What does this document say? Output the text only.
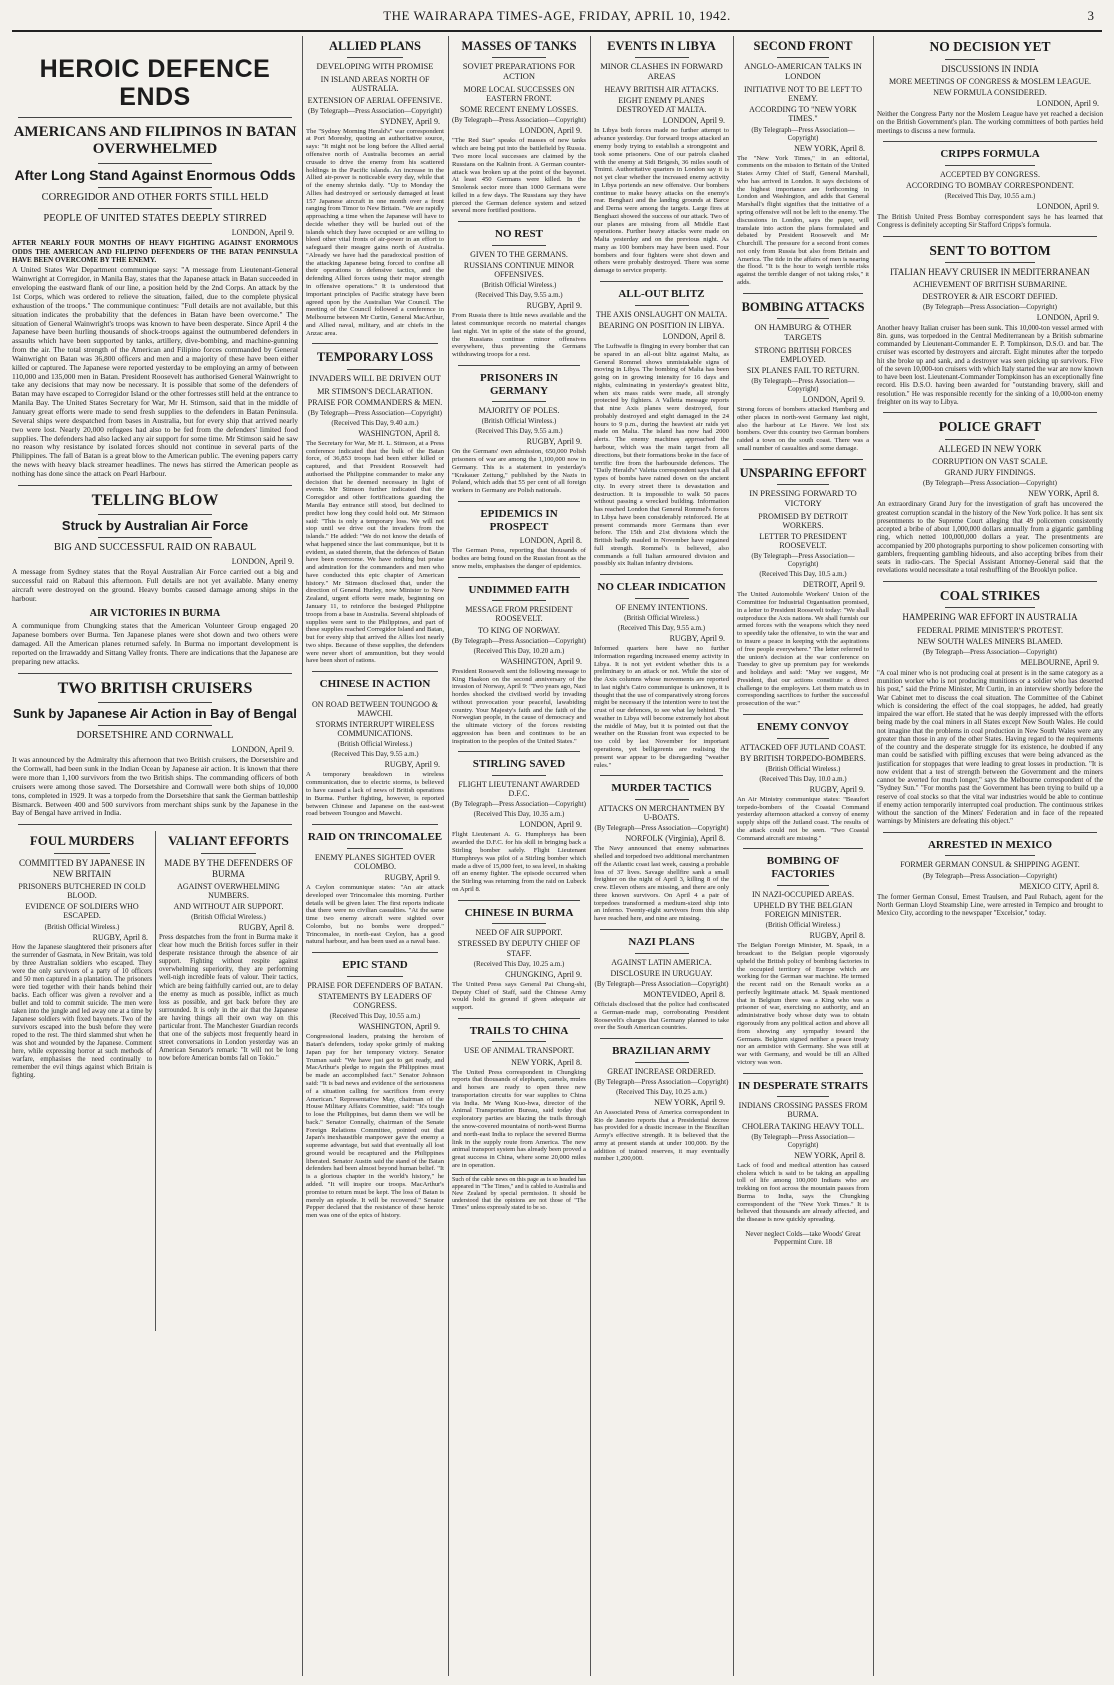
THE WAIRARAPA TIMES-AGE, FRIDAY, APRIL 10, 1942.	3
HEROIC DEFENCE ENDS
AMERICANS AND FILIPINOS IN BATAN OVERWHELMED
After Long Stand Against Enormous Odds
CORREGIDOR AND OTHER FORTS STILL HELD
PEOPLE OF UNITED STATES DEEPLY STIRRED
LONDON, April 9.

AFTER NEARLY FOUR MONTHS OF HEAVY FIGHTING AGAINST ENORMOUS ODDS THE AMERICAN AND FILIPINO DEFENDERS OF THE BATAN PENINSULA HAVE BEEN OVERCOME BY THE ENEMY.

A United States War Department communique says: "A message from Lieutenant-General Wainwright at Corregidor, in Manila Bay, states that the Japanese attack in Batan succeeded in enveloping the eastward flank of our line, a position held by the 2nd Corps. An attack by the 1st Corps, which was ordered to relieve the situation, failed, due to the complete physical exhaustion of the troops." The communique continues: "Full details are not available, but this situation indicates the probability that the defences in Batan have been overcome." The situation of General Wainwright's troops was known to have been desperate. Since April 4 the Japanese have been hurling thousands of shock-troops against the outnumbered defenders in assaults which have been supported by tanks, artillery, dive-bombing, and machine-gunning from the air. The total strength of the American and Filipino forces commanded by General Wainwright on Batan was 36,800 officers and men and a majority of these have been either killed or captured. The Japanese were reported yesterday to be employing an army of between 110,000 and 135,000 men in Batan. President Roosevelt has authorised General Wainwright to take any decisions that may now be necessary. It is possible that some of the defenders of Batan may have escaped to Corregidor Island or the other fortresses still held at the entrance to Manila Bay. The United States Secretary for War, Mr H. Stimson, said that in the middle of January great efforts were made to send fresh supplies to the defenders in Batan Peninsula. Several ships were despatched from bases in Australia, but for every ship that arrived nearly two were lost. Nearly 20,000 refugees had also to be fed from the defenders' limited food supplies. The defenders had also lacked any air support for some time. Mr Stimson said he saw no reason why resistance by isolated forces should not continue in several parts of the Philippines. The fall of Batan is a great blow to the American public. The evening papers carry the news with heavy black streamer headlines. The news has stirred the American people as nothing has done since the attack on Pearl Harbour.

TELLING BLOW
Struck by Australian Air Force
BIG AND SUCCESSFUL RAID ON RABAUL
LONDON, April 9.

A message from Sydney states that the Royal Australian Air Force carried out a big and successful raid on Rabaul this afternoon. Full details are not yet available. Many enemy aircraft were destroyed on the ground. Heavy bombs caused damage among ships in the harbour.

AIR VICTORIES IN BURMA

A communique from Chungking states that the American Volunteer Group engaged 20 Japanese bombers over Burma. Ten Japanese planes were shot down and two others were damaged. All the American planes returned safely. In Burma no important development is reported on the Irrawaddy and Sittang Valley fronts. There are indications that the Japanese are preparing new attacks.

TWO BRITISH CRUISERS
Sunk by Japanese Air Action in Bay of Bengal
DORSETSHIRE AND CORNWALL
LONDON, April 9.

It was announced by the Admiralty this afternoon that two British cruisers, the Dorsetshire and the Cornwall, had been sunk in the Indian Ocean by Japanese air action. It is known that there were more than 1,100 survivors from the two British ships. The commanding officers of both cruisers were among those saved. The Dorsetshire and Cornwall were both ships of 10,000 tons, completed in 1929. It was a torpedo from the Dorsetshire that sank the German battleship Bismarck. Between 400 and 500 survivors from merchant ships sunk by the Japanese in the Bay of Bengal have arrived in India.

FOUL MURDERS
COMMITTED BY JAPANESE IN NEW BRITAIN
PRISONERS BUTCHERED IN COLD BLOOD.
EVIDENCE OF SOLDIERS WHO ESCAPED.
(British Official Wireless.)
RUGBY, April 8.

How the Japanese slaughtered their prisoners after the surrender of Gasmata, in New Britain, was told by three Australian soldiers who escaped. They were the only survivors of a party of 10 officers and 50 men captured in a plantation. The prisoners were tied together with their hands behind their backs. Each officer was given a revolver and a bullet and told to commit suicide. The men were taken into the jungle and led away one at a time by Japanese soldiers with fixed bayonets. Two of the survivors escaped into the bush before they were roped to the rest. The third slammed shut when he was shot and wounded by the Japanese. Comment here, while expressing horror at such methods of warfare, emphasises the need continually to remember the evil things against which Britain is fighting.

VALIANT EFFORTS
MADE BY THE DEFENDERS OF BURMA
AGAINST OVERWHELMING NUMBERS.
AND WITHOUT AIR SUPPORT.
(British Official Wireless.)
RUGBY, April 8.

Press despatches from the front in Burma make it clear how much the British forces suffer in their desperate resistance through the absence of air support. Fighting without respite against overwhelming superiority, they are performing well-nigh incredible feats of valour. Their tactics, which are being faithfully carried out, are to delay the enemy as much as possible, inflict as much loss as possible, and get back before they are surrounded. It is only in the air that the Japanese are having things all their own way on this particular front. The Manchester Guardian records that one of the subjects most frequently heard in street conversations in London yesterday was an American Senator's remark: "It will not be long now before American bombs fall on Tokio."

ALLIED PLANS
DEVELOPING WITH PROMISE
IN ISLAND AREAS NORTH OF AUSTRALIA.
EXTENSION OF AERIAL OFFENSIVE.
(By Telegraph—Press Association—Copyright)
SYDNEY, April 9.

The "Sydney Morning Herald's" war correspondent at Port Moresby, quoting an authoritative source, says: "It might not be long before the Allied aerial offensive north of Australia becomes an aerial crusade to drive the enemy from his scattered holdings in the Pacific islands. An increase in the Allied air-power is noticeable every day, while that of the enemy shrinks daily. "Up to Monday the Allies had destroyed or seriously damaged at least 157 Japanese aircraft in one month over a front ranging from Timor to New Britain. "We are rapidly approaching a time when the Japanese will have to decide whether they will be hurled out of the islands which they have occupied or are willing to bleed other vital fronts of air-power in an effort to safeguard their meagre gains north of Australia. "Already we have had the paradoxical position of the attacking Japanese being forced to confine all their operations to defensive tactics, and the defending Allied forces using their major strength in offensive operations." It is understood that important principles of Pacific strategy have been agreed upon by the Australian War Council. The meeting of the Council followed a conference in Melbourne between Mr Curtin, General MacArthur, and Allied naval, military, and air chiefs in the Anzac area.

TEMPORARY LOSS
INVADERS WILL BE DRIVEN OUT
MR STIMSON'S DECLARATION.
PRAISE FOR COMMANDERS & MEN.
(By Telegraph—Press Association—Copyright)
(Received This Day, 9.40 a.m.)
WASHINGTON, April 8.

The Secretary for War, Mr H. L. Stimson, at a Press conference indicated that the bulk of the Batan force, of 36,853 troops had been either killed or captured, and that President Roosevelt had authorised the Philippine commander to make any decision that he deemed necessary in light of events. Mr Stimson further indicated that the Corregidor and other fortifications guarding the Manila Bay entrance still stood, but declined to predict how long they could hold out. Mr Stimson said: "This is only a temporary loss. We will not stop until we drive out the invaders from the islands." He added: "We do not know the details of what happened since the last communique, but it is evident, as stated therein, that the defences of Batan have been overcome. We have nothing but praise and admiration for the commanders and men who have conducted this epic chapter of American history." Mr Stimson disclosed that, under the direction of General Hurley, now Minister to New Zealand, urgent efforts were made, beginning on January 11, to reinforce the besieged Philippine troops from a base in Australia. Several shiploads of supplies were sent to the Philippines, and part of these supplies reached Corregidor Island and Batan, but for every ship that arrived the Allies lost nearly two ships. Because of these supplies, the defenders were never short of ammunition, but they would have been short of rations.

CHINESE IN ACTION
ON ROAD BETWEEN TOUNGOO & MAWCHI.
STORMS INTERRUPT WIRELESS COMMUNICATIONS.
(British Official Wireless.)
(Received This Day, 9.55 a.m.)
RUGBY, April 9.

A temporary breakdown in wireless communication, due to electric storms, is believed to have caused a lack of news of British operations in Burma. Further fighting, however, is reported between Chinese and Japanese on the east-west road between Toungoo and Mawchi.

RAID ON TRINCOMALEE
ENEMY PLANES SIGHTED OVER COLOMBO.
RUGBY, April 9.

A Ceylon communique states: "An air attack developed over Trincomalee this morning. Further details will be given later. The first reports indicate that there were no civilian casualties. "At the same time two enemy aircraft were sighted over Colombo, but no bombs were dropped." Trincomalee, in north-east Ceylon, has a good natural harbour, and has been used as a naval base.

EPIC STAND
PRAISE FOR DEFENDERS OF BATAN.
STATEMENTS BY LEADERS OF CONGRESS.
(Received This Day, 10.55 a.m.)
WASHINGTON, April 9.

Congressional leaders, praising the heroism of Batan's defenders, today spoke grimly of making Japan pay for her temporary victory. Senator Truman said: "We have just got to get ready, and MacArthur's pledge to regain the Philippines must be made an accomplished fact." Senator Johnson said: "It is bad news and evidence of the seriousness of a situation calling for sacrifices from every American." Representative May, chairman of the House Military Affairs Committee, said: "It's tough to lose the Philippines, but damn them we will be back." Senator Connally, chairman of the Senate Foreign Relations Committee, pointed out that Japan's inexhaustible manpower gave the enemy a supreme advantage, but said that eventually all lost ground would be recaptured and the Philippines liberated. Senator Austin said the stand of the Batan defenders had been almost beyond human belief. "It is a glorious chapter in the world's history," he added. "It will inspire our troops. MacArthur's promise to return must be kept. The loss of Batan is merely an episode. It will be recovered." Senator Pepper declared that the resistance of these heroic men was one of the epics of history.

MASSES OF TANKS
SOVIET PREPARATIONS FOR ACTION
MORE LOCAL SUCCESSES ON EASTERN FRONT.
SOME RECENT ENEMY LOSSES.
(By Telegraph—Press Association—Copyright)
LONDON, April 9.

"The Red Star" speaks of masses of new tanks which are being put into the battlefield by Russia. Two more local successes are claimed by the Russians on the Kalinin front. A German counter-attack was broken up at the point of the bayonet. At least 450 Germans were killed. In the Smolensk sector more than 1000 Germans were killed in a few days. The Russians say they have pierced the German defence system and seized several more fortified positions.

NO REST
GIVEN TO THE GERMANS.
RUSSIANS CONTINUE MINOR OFFENSIVES.
(British Official Wireless.)
(Received This Day, 9.55 a.m.)
RUGBY, April 9.

From Russia there is little news available and the latest communique records no material changes last night. Yet in spite of the state of the ground, the Russians continue minor offensives everywhere, thus preventing the Germans withdrawing troops for a rest.

PRISONERS IN GERMANY
MAJORITY OF POLES.
(British Official Wireless.)
(Received This Day, 9.55 a.m.)
RUGBY, April 9.

On the Germans' own admission, 650,000 Polish prisoners of war are among the 1,100,000 now in Germany. This is a statement in yesterday's "Krakauer Zeitung," published by the Nazis in Poland, which adds that 55 per cent of all foreign workers in Germany are Polish nationals.

EPIDEMICS IN PROSPECT
LONDON, April 8.

The German Press, reporting that thousands of bodies are being found on the Russian front as the snow melts, emphasises the danger of epidemics.

UNDIMMED FAITH
MESSAGE FROM PRESIDENT ROOSEVELT.
TO KING OF NORWAY.
(By Telegraph—Press Association—Copyright)
(Received This Day, 10.20 a.m.)
WASHINGTON, April 9.

President Roosevelt sent the following message to King Haakon on the second anniversary of the invasion of Norway, April 9: "Two years ago, Nazi hordes shocked the civilised world by invading without provocation your peaceful, lawabiding country. Your Majesty's faith and the faith of the Norwegian people, in the cause of democracy and the ultimate victory of the forces resisting aggression has been and continues to be an inspiration to the peoples of the United States."

STIRLING SAVED
FLIGHT LIEUTENANT AWARDED D.F.C.
(By Telegraph—Press Association—Copyright)
(Received This Day, 10.35 a.m.)
LONDON, April 9.

Flight Lieutenant A. G. Humphreys has been awarded the D.F.C. for his skill in bringing back a Stirling bomber safely. Flight Lieutenant Humphreys was pilot of a Stirling bomber which made a dive of 15,000 feet, to sea level, in shaking off an enemy fighter. The episode occurred when the Stirling was returning from the raid on Lubeck on April 8.

CHINESE IN BURMA
NEED OF AIR SUPPORT.
STRESSED BY DEPUTY CHIEF OF STAFF.
(Received This Day, 10.25 a.m.)
CHUNGKING, April 9.

The United Press says General Pai Chung-shi, Deputy Chief of Staff, said the Chinese Army would hold its ground if given adequate air support.

TRAILS TO CHINA
USE OF ANIMAL TRANSPORT.
NEW YORK, April 8.

The United Press correspondent in Chungking reports that thousands of elephants, camels, mules and horses are ready to open three new transportation circuits for war supplies to China via India. Mr Wang Kuo-hwa, director of the Animal Transportation Bureau, said today that exploratory parties are blazing the trails through the snow-covered mountains of north-west Burma and north-east India to replace the severed Burma link in the supply route from America. The new animal transport system has already been proved a great success in China, where some 20,000 miles are in operation.

Such of the cable news on this page as is so headed has appeared in "The Times," and is cabled to Australia and New Zealand by special permission. It should be understood that the opinions are not those of "The Times" unless expressly stated to be so.

EVENTS IN LIBYA
MINOR CLASHES IN FORWARD AREAS
HEAVY BRITISH AIR ATTACKS.
EIGHT ENEMY PLANES DESTROYED AT MALTA.
LONDON, April 9.

In Libya both forces made no further attempt to advance yesterday. Our forward troops attacked an enemy body trying to establish a strongpoint and took some prisoners. One of our patrols clashed with the enemy at Sidi Brigesh, 36 miles south of Tmimi. Authoritative quarters in London say it is not yet clear whether the increased enemy activity in Libya portends an new offensive. Our bombers continue to make heavy attacks on the enemy's rear. Benghazi and the landing grounds at Barce and Derna were among the targets. Large fires at Benghazi showed the success of our attack. Two of our planes are missing from all Middle East operations. Further heavy attacks were made on Malta yesterday and on the previous night. As many as 100 bombers may have been used. Four bombers and four fighters were shot down and others were probably destroyed. There was some damage to service property.

ALL-OUT BLITZ
THE AXIS ONSLAUGHT ON MALTA.
BEARING ON POSITION IN LIBYA.
LONDON, April 8.

The Luftwaffe is flinging in every bomber that can be spared in an all-out blitz against Malta, as General Rommel shows unmistakable signs of moving in Libya. The bombing of Malta has been going on in growing intensity for 16 days and nights, culminating in yesterday's greatest blitz, when six mass raids were made, all strongly protected by fighters. A Valletta message reports that nine Axis planes were destroyed, four probably destroyed and eight damaged in the 24 hours to 9 p.m., during the heaviest air raids yet made on Malta. The island has now had 2000 alerts. The enemy machines approached the harbour, which was the main target from all directions, but their formations broke in the face of terrific fire from the harbourside defences. The "Daily Herald's" Valetta correspondent says that all types of bombs have rained down on the ancient city. In every street there is devastation and destruction. It is impossible to walk 50 paces without passing a wrecked building. Information has reached London that General Rommel's forces in Libya have been considerably reinforced. He at present commands more Germans than ever before. The 15th and 21st divisions which the British badly mauled in November have regained full strength. Rommel's is believed, also commands a full Italian armoured division and possibly six Italian infantry divisions.

NO CLEAR INDICATION
OF ENEMY INTENTIONS.
(British Official Wireless.)
(Received This Day, 9.55 a.m.)
RUGBY, April 9.

Informed quarters here have no further information regarding increased enemy activity in Libya. It is not yet evident whether this is a preliminary to an attack or not. While the size of the Axis columns whose movements are reported in last night's Cairo communique is unknown, it is thought that the use of comparatively strong forces might be necessary if the intention were to test the crust of our defences, to see what lay behind. The weather in Libya will become extremely hot about the middle of May, but it is pointed out that the weather on the Russian front was expected to be too cold by last November for important operations, yet belligerents are realising the present war appear to be disregarding "weather rules."

MURDER TACTICS
ATTACKS ON MERCHANTMEN BY U-BOATS.
(By Telegraph—Press Association—Copyright)
NORFOLK (Virginia), April 8.

The Navy announced that enemy submarines shelled and torpedoed two additional merchantmen off the Atlantic coast last week, causing a probable loss of 37 lives. Savage shellfire sank a small freighter on the night of April 3, killing 8 of the crew. Eleven others are missing, and there are only three known survivors. On April 4 a pair of torpedoes transformed a medium-sized ship into an inferno. Twenty-eight survivors from this ship have reached here, and nine are missing.

NAZI PLANS
AGAINST LATIN AMERICA.
DISCLOSURE IN URUGUAY.
(By Telegraph—Press Association—Copyright)
MONTEVIDEO, April 8.

Officials disclosed that the police had confiscated a German-made map, corroborating President Roosevelt's charges that Germany planned to take over the South American countries.

BRAZILIAN ARMY
GREAT INCREASE ORDERED.
(By Telegraph—Press Association—Copyright)
(Received This Day, 10.25 a.m.)
NEW YORK, April 9.

An Associated Press of America correspondent in Rio de Janeiro reports that a Presidential decree has provided for a drastic increase in the Brazilian Army's effective strength. It is believed that the army at present stands at under 100,000. By the addition of trained reserves, it may eventually number 1,200,000.

SECOND FRONT
ANGLO-AMERICAN TALKS IN LONDON
INITIATIVE NOT TO BE LEFT TO ENEMY.
ACCORDING TO "NEW YORK TIMES."
(By Telegraph—Press Association—Copyright)
NEW YORK, April 8.

The "New York Times," in an editorial, comments on the mission to Britain of the United States Army Chief of Staff, General Marshall, who has arrived in London. It says decisions of the highest importance are forthcoming in London and Washington, and adds that General Marshall's flight signifies that the initiative of a spring offensive will not be left to the enemy. The discussions in London, says the paper, will translate into action the plans formulated and debated by President Roosevelt and Mr Churchill. The pressure for a second front comes not only from Russia but also from Britain and America. The tide in the affairs of men is nearing the flood. "It is the hour to weigh terrible risks against the terrible danger of not taking risks," it adds.

BOMBING ATTACKS
ON HAMBURG & OTHER TARGETS
STRONG BRITISH FORCES EMPLOYED.
SIX PLANES FAIL TO RETURN.
(By Telegraph—Press Association—Copyright)
LONDON, April 9.

Strong forces of bombers attacked Hamburg and other places in north-west Germany last night, also the harbour at Le Havre. We lost six bombers. Over this country two German bombers raided a town on the south coast. There was a small number of casualties and some damage.

UNSPARING EFFORT
IN PRESSING FORWARD TO VICTORY
PROMISED BY DETROIT WORKERS.
LETTER TO PRESIDENT ROOSEVELT.
(By Telegraph—Press Association—Copyright)
(Received This Day, 10.5 a.m.)
DETROIT, April 9.

The United Automobile Workers' Union of the Committee for Industrial Organisation promised, in a letter to President Roosevelt today: "We shall outproduce the Axis nations. We shall furnish our armed forces with the weapons which they need to speedily take the offensive, to win the war and to insure a peace in keeping with the aspirations of free people everywhere." The letter referred to the union's decision at the war conference on Tuesday to give up premium pay for weekends and holidays and said: "May we suggest, Mr President, that our actions constitute a direct challenge to the employers. Let them match us in corresponding sacrifices to further the successful prosecution of the war."

ENEMY CONVOY
ATTACKED OFF JUTLAND COAST.
BY BRITISH TORPEDO-BOMBERS.
(British Official Wireless.)
(Received This Day, 10.0 a.m.)
RUGBY, April 9.

An Air Ministry communique states: "Beaufort torpedo-bombers of the Coastal Command yesterday afternoon attacked a convoy of enemy supply ships off the Jutland coast. The results of the attack could not be seen. "Two Coastal Command aircraft are missing."

BOMBING OF FACTORIES
IN NAZI-OCCUPIED AREAS.
UPHELD BY THE BELGIAN FOREIGN MINISTER.
(British Official Wireless.)
RUGBY, April 8.

The Belgian Foreign Minister, M. Spaak, in a broadcast to the Belgian people vigorously upheld the British policy of bombing factories in the occupied territory of Europe which are working for the German war machine. He termed the recent raid on the Renault works as a perfectly legitimate attack. M. Spaak mentioned that in Belgium there was a King who was a prisoner of war, exercising no authority, and an administrative body whose duty was to obtain rigorously from any political action and above all from showing any sympathy toward the Germans. Belgium signed neither a peace treaty nor an armistice with Germany. She was still at war with Germany, and would be till an Allied victory was won.

IN DESPERATE STRAITS
INDIANS CROSSING PASSES FROM BURMA.
CHOLERA TAKING HEAVY TOLL.
(By Telegraph—Press Association—Copyright)
NEW YORK, April 8.

Lack of food and medical attention has caused cholera which is said to be taking an appalling toll of life among 100,000 Indians who are trekking on foot across the mountain passes from Burma to India, says the Chungking correspondent of the "New York Times." It is believed that thousands are already affected, and the disease is now quickly spreading.

Never neglect Colds—take Woods' Great Peppermint Cure. 18
NO DECISION YET
DISCUSSIONS IN INDIA
MORE MEETINGS OF CONGRESS & MOSLEM LEAGUE.
NEW FORMULA CONSIDERED.
LONDON, April 9.

Neither the Congress Party nor the Moslem League have yet reached a decision on the British Government's plan. The working committees of both parties held meetings to discuss a new formula.

CRIPPS FORMULA
ACCEPTED BY CONGRESS.
ACCORDING TO BOMBAY CORRESPONDENT.
(Received This Day, 10.55 a.m.)
LONDON, April 9.

The British United Press Bombay correspondent says he has learned that Congress is definitely accepting Sir Stafford Cripps's formula.

SENT TO BOTTOM
ITALIAN HEAVY CRUISER IN MEDITERRANEAN
ACHIEVEMENT OF BRITISH SUBMARINE.
DESTROYER & AIR ESCORT DEFIED.
(By Telegraph—Press Association—Copyright)
LONDON, April 9.

Another heavy Italian cruiser has been sunk. This 10,000-ton vessel armed with 8in. guns, was torpedoed in the Central Mediterranean by a British submarine commanded by Lieutenant-Commander E. P. Tompkinson, D.S.O. and bar. The cruiser was escorted by destroyers and aircraft. Eight minutes after the torpedo hit she broke up and sank, and a destroyer was seen picking up survivors. Five of the seven 10,000-ton cruisers with which Italy started the war are now known to have been lost. Lieutenant-Commander Tompkinson has an exceptionally fine record. His D.S.O. having been awarded for "outstanding bravery, skill and resolution." He was responsible recently for the sinking of a 10,000-ton enemy freighter on its way to Libya.

POLICE GRAFT
ALLEGED IN NEW YORK
CORRUPTION ON VAST SCALE.
GRAND JURY FINDINGS.
(By Telegraph—Press Association—Copyright)
NEW YORK, April 8.

An extraordinary Grand Jury for the investigation of graft has uncovered the greatest corruption scandal in the history of the New York police. It has sent six presentments to the Supreme Court alleging that 49 policemen consistently accepted a bribe of about 1,000,000 dollars annually from a gigantic gambling ring, which netted 100,000,000 dollars a year. The presentments are accompanied by 200 photographs purporting to show policemen consorting with gamblers, frequenting gambling hideouts, and also accepting bribes from their seats in radio-cars. The Special Assistant Attorney-General said that the revelations would necessitate a total reshuffling of the Brooklyn police.

COAL STRIKES
HAMPERING WAR EFFORT IN AUSTRALIA
FEDERAL PRIME MINISTER'S PROTEST.
NEW SOUTH WALES MINERS BLAMED.
(By Telegraph—Press Association—Copyright)
MELBOURNE, April 9.

"A coal miner who is not producing coal at present is in the same category as a munition worker who is not producing munitions or a soldier who has deserted his post," said the Prime Minister, Mr Curtin, in an interview shortly before the War Cabinet met to discuss the coal situation. The Committee of the Cabinet which is considering the effect of the coal stoppages, he added, had greatly impaired the war effort. He stated that he was deeply impressed with the efforts being made by the coal miners in all States except New South Wales. He could not imagine that the problems in coal production in New South Wales were any greater than those in any of the other States. Having regard to the requirements of the country and the desperate struggle for its existence, he doubted if any man could be satisfied with piffling excuses that were being advanced as the justification for stoppages that were leading to great losses in production. "It is now evident that a test of strength between the Government and the miners cannot be averted for much longer," says the Melbourne correspondent of the "Sydney Sun." "For months past the Government has been trying to build up a reserve of coal stocks so that the vital war industries would be able to continue if enemy action temporarily interrupted coal production. The continuous strikes without the sanction of the Miners' Federation and in face of the repeated warnings by Ministers are defeating this object."

ARRESTED IN MEXICO
FORMER GERMAN CONSUL & SHIPPING AGENT.
(By Telegraph—Press Association—Copyright)
MEXICO CITY, April 8.

The former German Consul, Ernest Traulsen, and Paul Rubach, agent for the North German Lloyd Steamship Line, were arrested in Tempico and brought to Mexico City, according to the newspaper "Excelsior," today.
